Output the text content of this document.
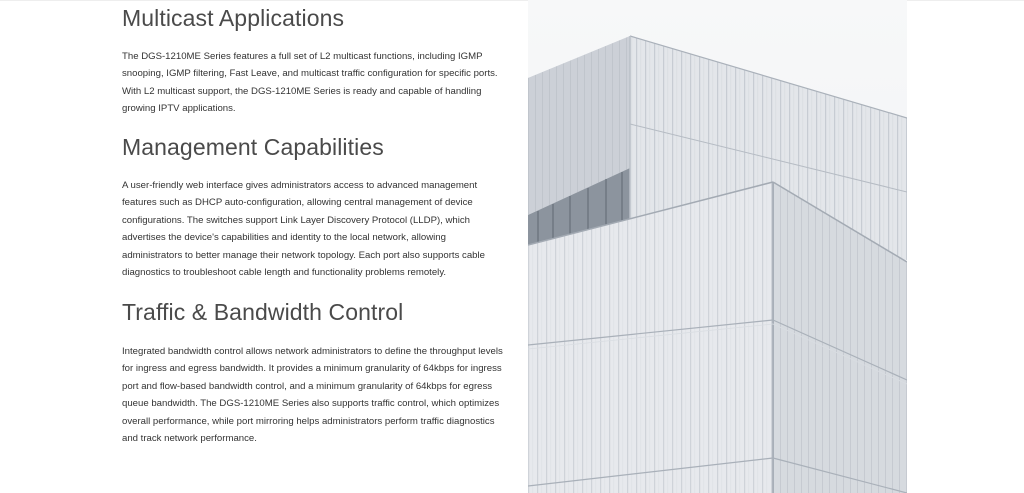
Multicast Applications

The DGS-1210ME Series features a full set of L2 multicast functions, including IGMP snooping, IGMP filtering, Fast Leave, and multicast traffic configuration for specific ports. With L2 multicast support, the DGS-1210ME Series is ready and capable of handling growing IPTV applications.

Management Capabilities

A user-friendly web interface gives administrators access to advanced management features such as DHCP auto-configuration, allowing central management of device configurations. The switches support Link Layer Discovery Protocol (LLDP), which advertises the device's capabilities and identity to the local network, allowing administrators to better manage their network topology. Each port also supports cable diagnostics to troubleshoot cable length and functionality problems remotely.

Traffic & Bandwidth Control

Integrated bandwidth control allows network administrators to define the throughput levels for ingress and egress bandwidth. It provides a minimum granularity of 64kbps for ingress port and flow-based bandwidth control, and a minimum granularity of 64kbps for egress queue bandwidth. The DGS-1210ME Series also supports traffic control, which optimizes overall performance, while port mirroring helps administrators perform traffic diagnostics and track network performance.
